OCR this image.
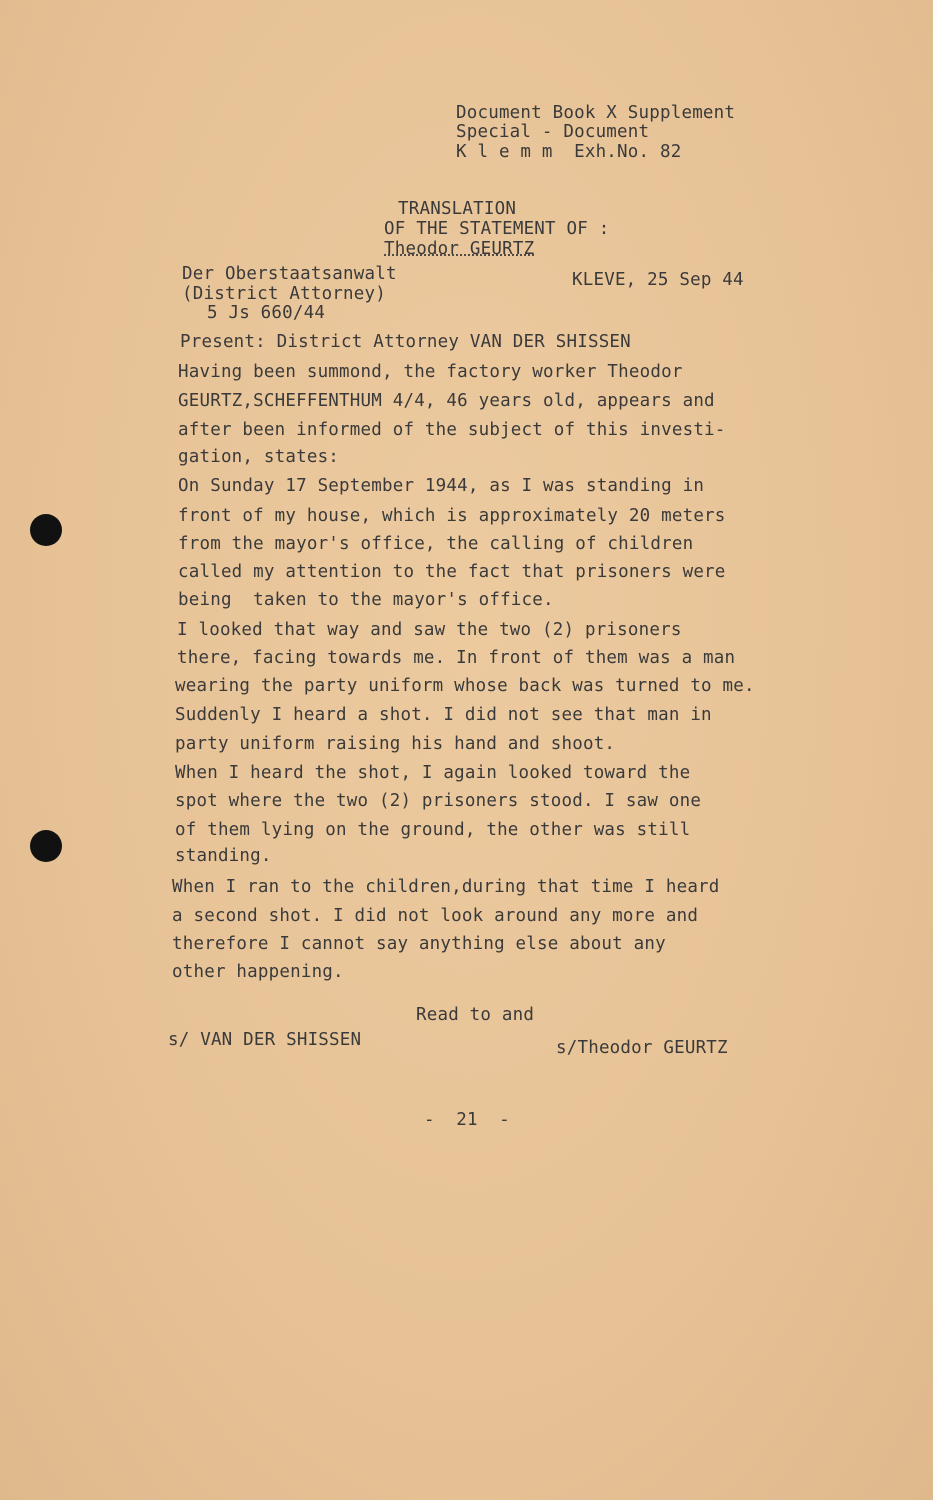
Document Book X Supplement
Special - Document
K l e m m  Exh.No. 82
TRANSLATION
OF THE STATEMENT OF :
Theodor GEURTZ
Der Oberstaatsanwalt
(District Attorney)
5 Js 660/44
KLEVE, 25 Sep 44
Present: District Attorney VAN DER SHISSEN
Having been summond, the factory worker Theodor
GEURTZ,SCHEFFENTHUM 4/4, 46 years old, appears and
after been informed of the subject of this investi-
gation, states:
On Sunday 17 September 1944, as I was standing in
front of my house, which is approximately 20 meters
from the mayor's office, the calling of children
called my attention to the fact that prisoners were
being  taken to the mayor's office.
I looked that way and saw the two (2) prisoners
there, facing towards me. In front of them was a man
wearing the party uniform whose back was turned to me.
Suddenly I heard a shot. I did not see that man in
party uniform raising his hand and shoot.
When I heard the shot, I again looked toward the
spot where the two (2) prisoners stood. I saw one
of them lying on the ground, the other was still
standing.
When I ran to the children,during that time I heard
a second shot. I did not look around any more and
therefore I cannot say anything else about any
other happening.
Read to and
s/ VAN DER SHISSEN	s/Theodor GEURTZ
-  21  -
